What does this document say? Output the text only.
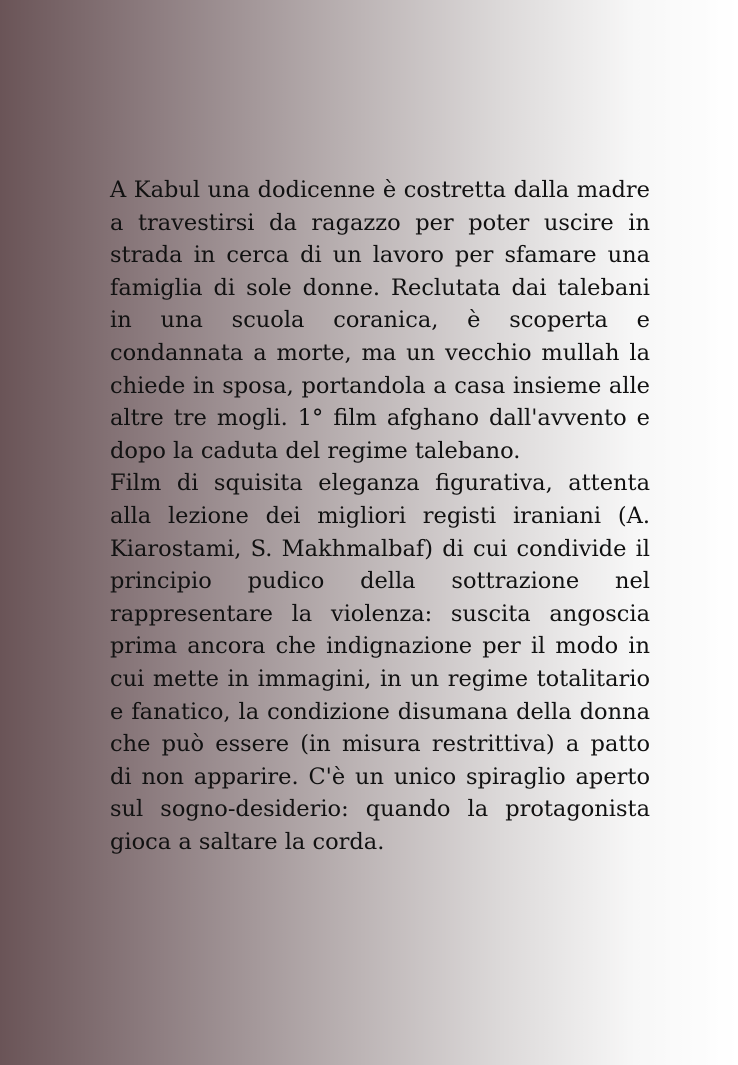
A Kabul una dodicenne è costretta dalla madre a travestirsi da ragazzo per poter uscire in strada in cerca di un lavoro per sfamare una famiglia di sole donne. Reclutata dai talebani in una scuola coranica, è scoperta e condannata a morte, ma un vecchio mullah la chiede in sposa, portandola a casa insieme alle altre tre mogli. 1° film afghano dall'avvento e dopo la caduta del regime talebano.

Film di squisita eleganza figurativa, attenta alla lezione dei migliori registi iraniani (A. Kiarostami, S. Makhmalbaf) di cui condivide il principio pudico della sottrazione nel rappresentare la violenza: suscita angoscia prima ancora che indignazione per il modo in cui mette in immagini, in un regime totalitario e fanatico, la condizione disumana della donna che può essere (in misura restrittiva) a patto di non apparire. C'è un unico spiraglio aperto sul sogno-desiderio: quando la protagonista gioca a saltare la corda.
